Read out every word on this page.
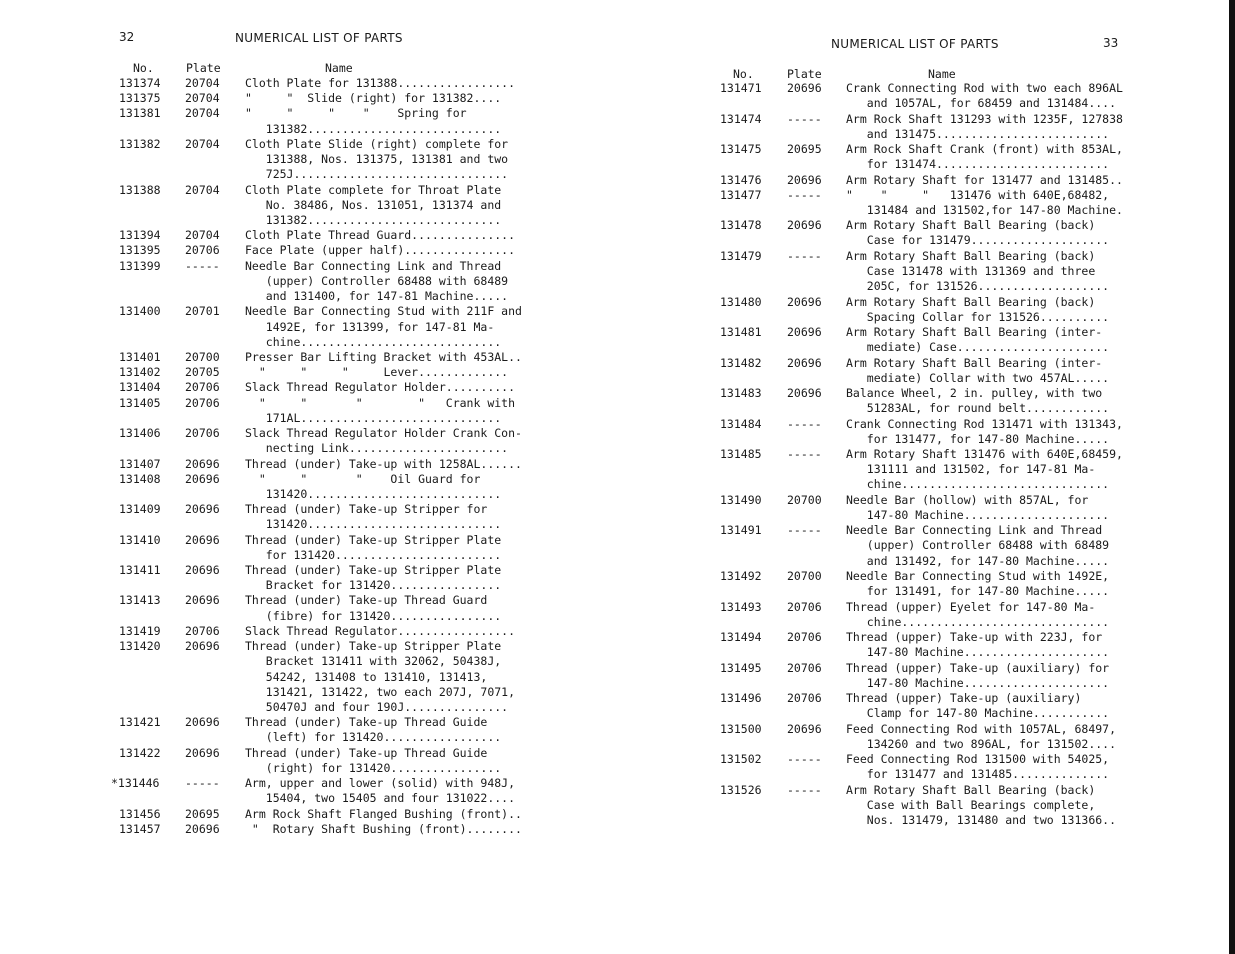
32	NUMERICAL LIST OF PARTS
No.	Plate	Name
131374 20704 Cloth Plate for 131388.................
131375 20704 "     "  Slide (right) for 131382....
131381 20704 "     "     "    "    Spring for
131382............................
131382 20704 Cloth Plate Slide (right) complete for
131388, Nos. 131375, 131381 and two
725J...............................
131388 20704 Cloth Plate complete for Throat Plate
No. 38486, Nos. 131051, 131374 and
131382............................
131394 20704 Cloth Plate Thread Guard...............
131395 20706 Face Plate (upper half)................
131399 ----- Needle Bar Connecting Link and Thread
(upper) Controller 68488 with 68489
and 131400, for 147-81 Machine.....
131400 20701 Needle Bar Connecting Stud with 211F and
1492E, for 131399, for 147-81 Ma-
chine.............................
131401 20700 Presser Bar Lifting Bracket with 453AL..
131402 20705 "     "     "     Lever.............
131404 20706 Slack Thread Regulator Holder..........
131405 20706 "     "       "        "   Crank with
171AL.............................
131406 20706 Slack Thread Regulator Holder Crank Con-
necting Link.......................
131407 20696 Thread (under) Take-up with 1258AL......
131408 20696 "     "       "    Oil Guard for
131420............................
131409 20696 Thread (under) Take-up Stripper for
131420............................
131410 20696 Thread (under) Take-up Stripper Plate
for 131420........................
131411 20696 Thread (under) Take-up Stripper Plate
Bracket for 131420................
131413 20696 Thread (under) Take-up Thread Guard
(fibre) for 131420................
131419 20706 Slack Thread Regulator.................
131420 20696 Thread (under) Take-up Stripper Plate
Bracket 131411 with 32062, 50438J,
54242, 131408 to 131410, 131413,
131421, 131422, two each 207J, 7071,
50470J and four 190J...............
131421 20696 Thread (under) Take-up Thread Guide
(left) for 131420.................
131422 20696 Thread (under) Take-up Thread Guide
(right) for 131420................
*131446 ----- Arm, upper and lower (solid) with 948J,
15404, two 15405 and four 131022....
131456 20695 Arm Rock Shaft Flanged Bushing (front)..
131457 20696 "  Rotary Shaft Bushing (front)........
NUMERICAL LIST OF PARTS	33
No.	Plate	Name
131471 20696 Crank Connecting Rod with two each 896AL
and 1057AL, for 68459 and 131484....
131474 ----- Arm Rock Shaft 131293 with 1235F, 127838
and 131475.........................
131475 20695 Arm Rock Shaft Crank (front) with 853AL,
for 131474.........................
131476 20696 Arm Rotary Shaft for 131477 and 131485..
131477 ----- "    "     "   131476 with 640E,68482,
131484 and 131502,for 147-80 Machine.
131478 20696 Arm Rotary Shaft Ball Bearing (back)
Case for 131479....................
131479 ----- Arm Rotary Shaft Ball Bearing (back)
Case 131478 with 131369 and three
205C, for 131526...................
131480 20696 Arm Rotary Shaft Ball Bearing (back)
Spacing Collar for 131526..........
131481 20696 Arm Rotary Shaft Ball Bearing (inter-
mediate) Case......................
131482 20696 Arm Rotary Shaft Ball Bearing (inter-
mediate) Collar with two 457AL.....
131483 20696 Balance Wheel, 2 in. pulley, with two
51283AL, for round belt............
131484 ----- Crank Connecting Rod 131471 with 131343,
for 131477, for 147-80 Machine.....
131485 ----- Arm Rotary Shaft 131476 with 640E,68459,
131111 and 131502, for 147-81 Ma-
chine..............................
131490 20700 Needle Bar (hollow) with 857AL, for
147-80 Machine.....................
131491 ----- Needle Bar Connecting Link and Thread
(upper) Controller 68488 with 68489
and 131492, for 147-80 Machine.....
131492 20700 Needle Bar Connecting Stud with 1492E,
for 131491, for 147-80 Machine.....
131493 20706 Thread (upper) Eyelet for 147-80 Ma-
chine..............................
131494 20706 Thread (upper) Take-up with 223J, for
147-80 Machine.....................
131495 20706 Thread (upper) Take-up (auxiliary) for
147-80 Machine.....................
131496 20706 Thread (upper) Take-up (auxiliary)
Clamp for 147-80 Machine...........
131500 20696 Feed Connecting Rod with 1057AL, 68497,
134260 and two 896AL, for 131502....
131502 ----- Feed Connecting Rod 131500 with 54025,
for 131477 and 131485..............
131526 ----- Arm Rotary Shaft Ball Bearing (back)
Case with Ball Bearings complete,
Nos. 131479, 131480 and two 131366..
